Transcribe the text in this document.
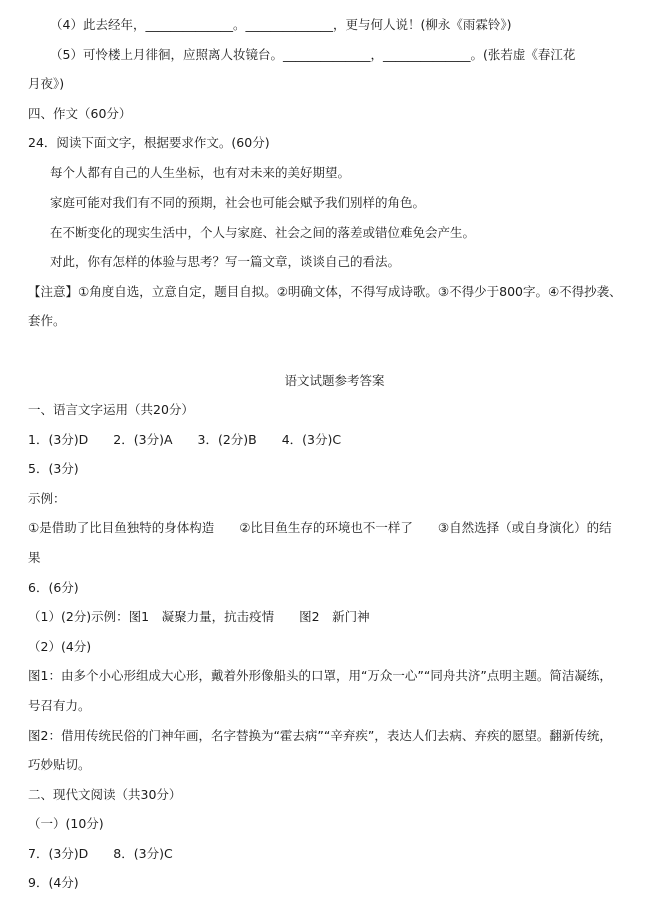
（4）此去经年，______________。______________，更与何人说！(柳永《雨霖铃》)
（5）可怜楼上月徘徊，应照离人妆镜台。______________，______________。(张若虚《春江花
月夜》)
四、作文（60分）
24．阅读下面文字，根据要求作文。(60分)
每个人都有自己的人生坐标，也有对未来的美好期望。
家庭可能对我们有不同的预期，社会也可能会赋予我们别样的角色。
在不断变化的现实生活中，个人与家庭、社会之间的落差或错位难免会产生。
对此，你有怎样的体验与思考？写一篇文章，谈谈自己的看法。
【注意】①角度自选，立意自定，题目自拟。②明确文体，不得写成诗歌。③不得少于800字。④不得抄袭、
套作。
语文试题参考答案
一、语言文字运用（共20分）
1．(3分)D　　2．(3分)A　　3．(2分)B　　4．(3分)C
5．(3分)
示例：
①是借助了比目鱼独特的身体构造　　②比目鱼生存的环境也不一样了　　③自然选择（或自身演化）的结
果
6．(6分)
（1）(2分)示例：图1　凝聚力量，抗击疫情　　图2　新门神
（2）(4分)
图1：由多个小心形组成大心形，戴着外形像船头的口罩，用“万众一心”“同舟共济”点明主题。简洁凝练，
号召有力。
图2：借用传统民俗的门神年画，名字替换为“霍去病”“辛弃疾”，表达人们去病、弃疾的愿望。翻新传统，
巧妙贴切。
二、现代文阅读（共30分）
（一）(10分)
7．(3分)D　　8．(3分)C
9．(4分)
